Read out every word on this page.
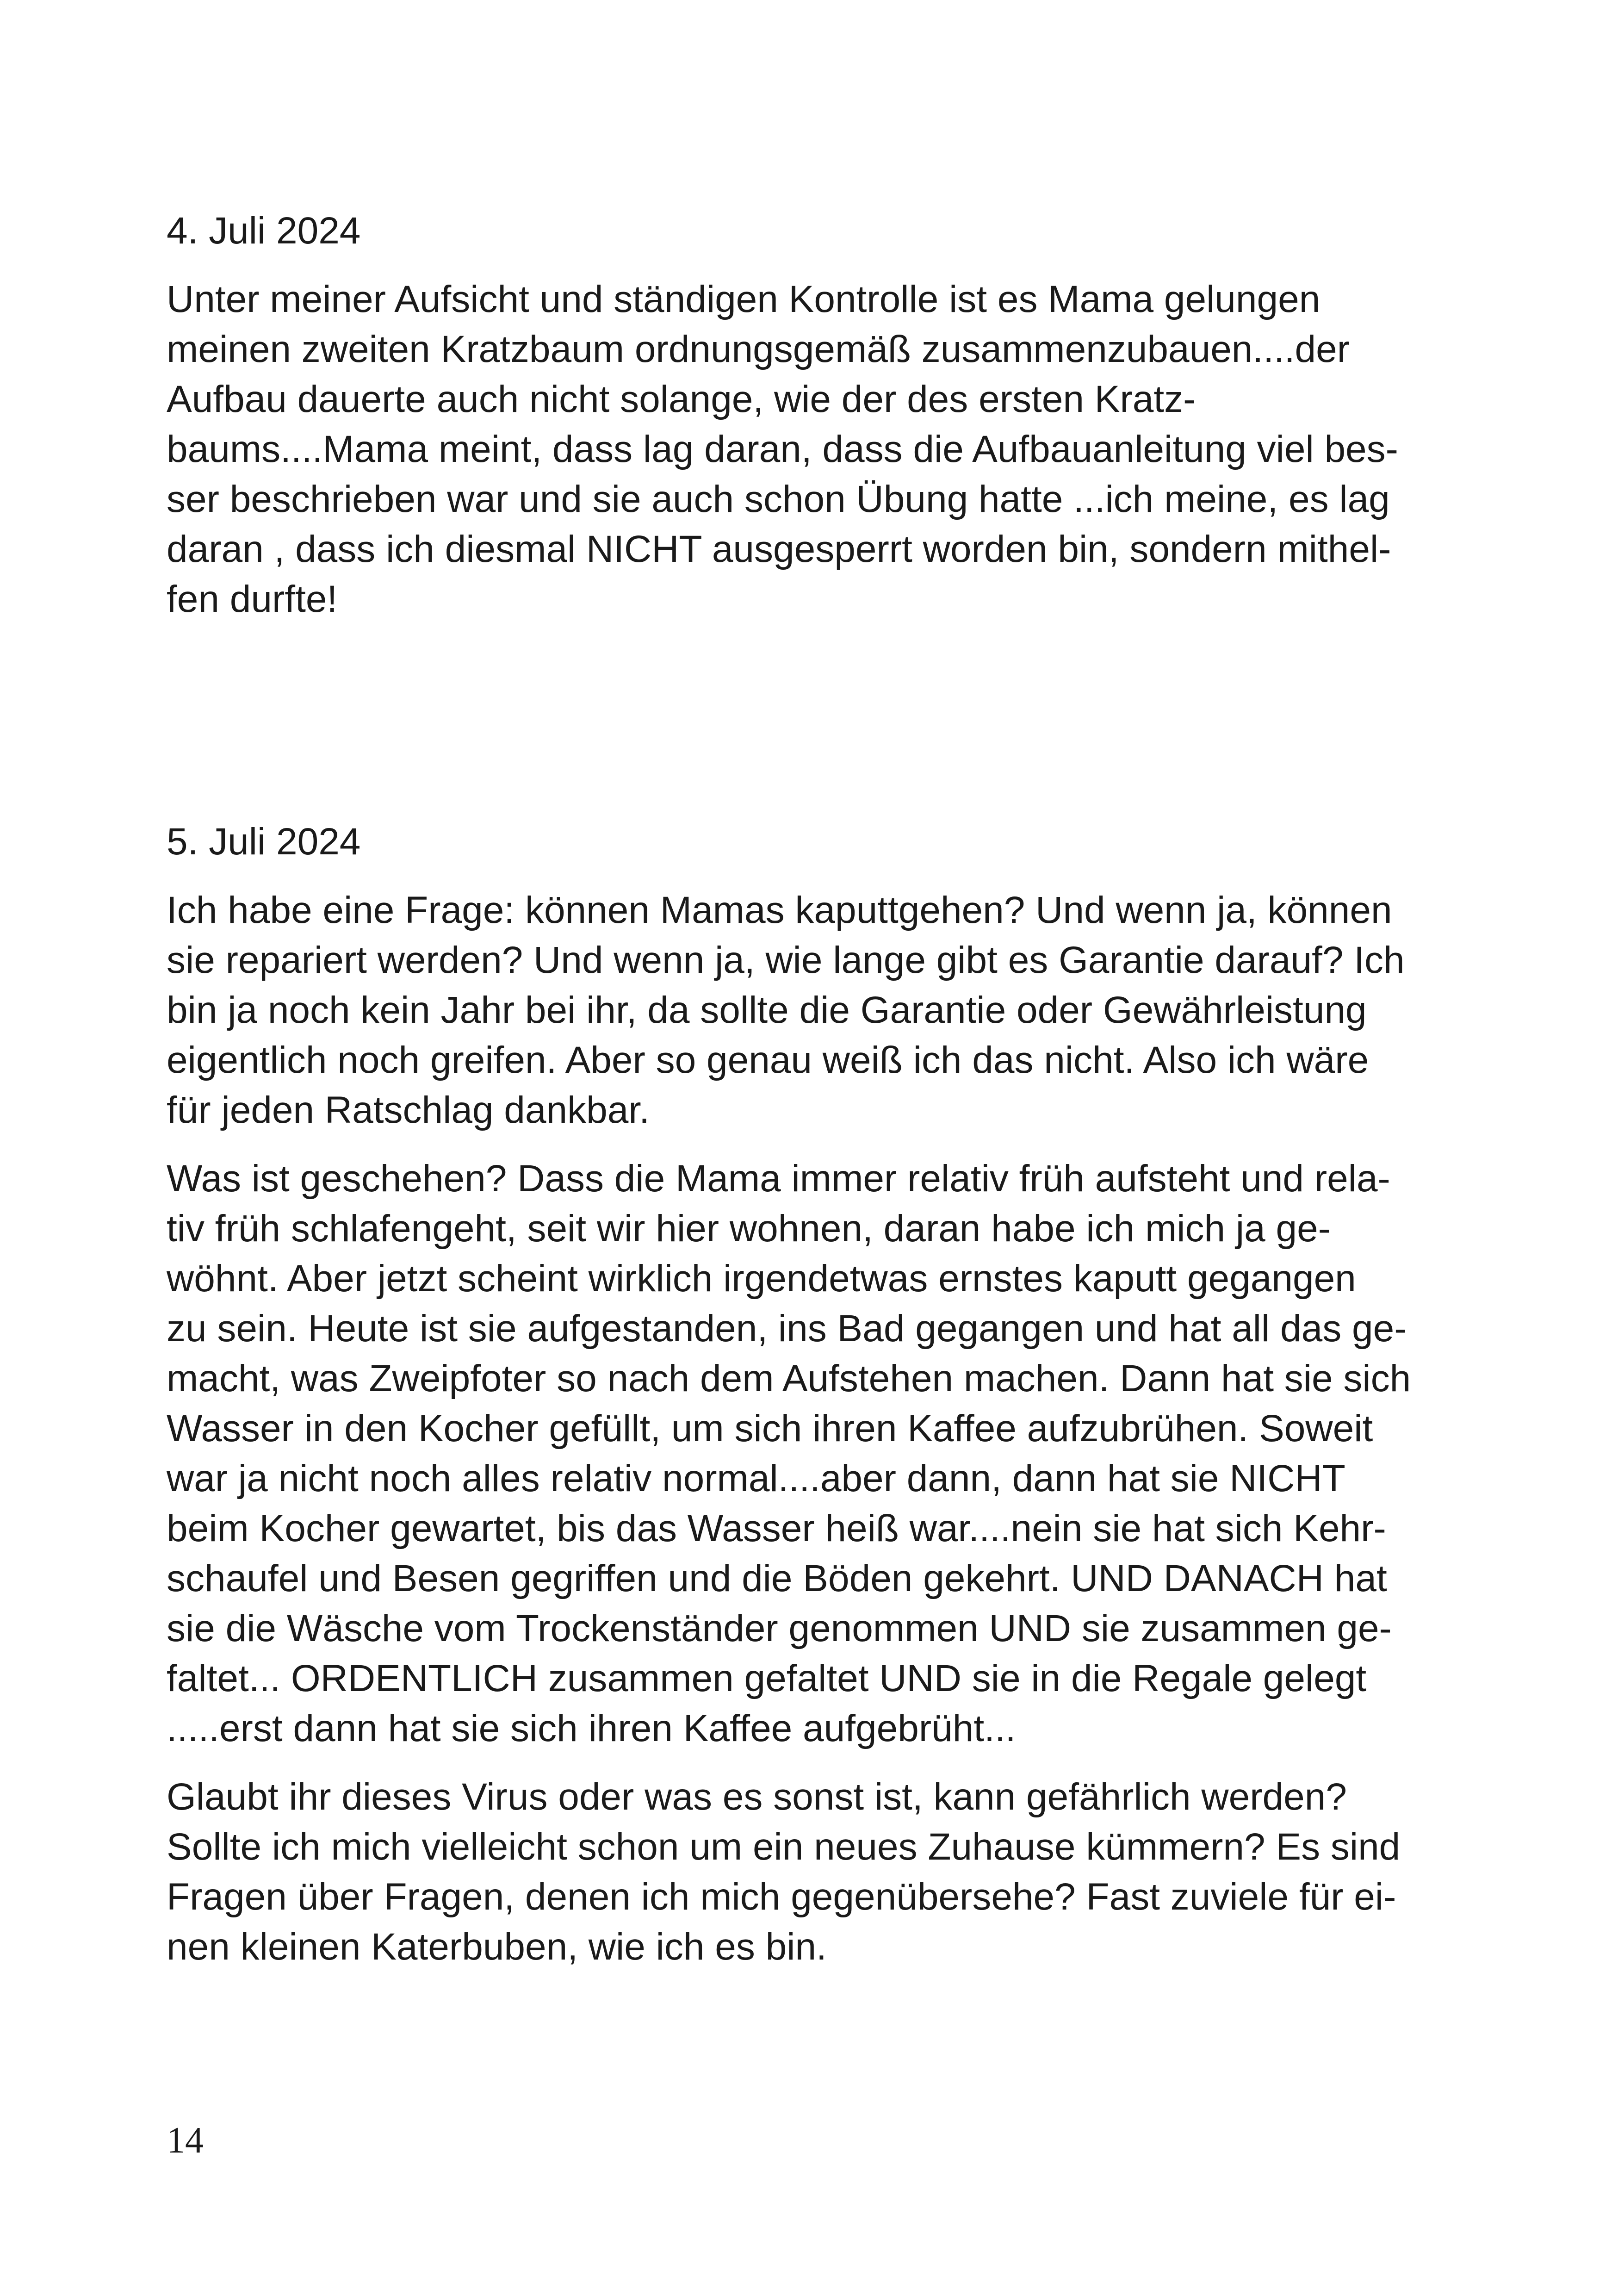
4. Juli 2024
Unter meiner Aufsicht und ständigen Kontrolle ist es Mama gelungen
meinen zweiten Kratzbaum ordnungsgemäß zusammenzubauen....der
Aufbau dauerte auch nicht solange, wie der des ersten Kratz-
baums....Mama meint, dass lag daran, dass die Aufbauanleitung viel bes-
ser beschrieben war und sie auch schon Übung hatte ...ich meine, es lag
daran , dass ich diesmal NICHT ausgesperrt worden bin, sondern mithel-
fen durfte!
5. Juli 2024
Ich habe eine Frage: können Mamas kaputtgehen? Und wenn ja, können
sie repariert werden? Und wenn ja, wie lange gibt es Garantie darauf? Ich
bin ja noch kein Jahr bei ihr, da sollte die Garantie oder Gewährleistung
eigentlich noch greifen. Aber so genau weiß ich das nicht. Also ich wäre
für jeden Ratschlag dankbar.
Was ist geschehen? Dass die Mama immer relativ früh aufsteht und rela-
tiv früh schlafengeht, seit wir hier wohnen, daran habe ich mich ja ge-
wöhnt. Aber jetzt scheint wirklich irgendetwas ernstes kaputt gegangen
zu sein. Heute ist sie aufgestanden, ins Bad gegangen und hat all das ge-
macht, was Zweipfoter so nach dem Aufstehen machen. Dann hat sie sich
Wasser in den Kocher gefüllt, um sich ihren Kaffee aufzubrühen. Soweit
war ja nicht noch alles relativ normal....aber dann, dann hat sie NICHT
beim Kocher gewartet, bis das Wasser heiß war....nein sie hat sich Kehr-
schaufel und Besen gegriffen und die Böden gekehrt. UND DANACH hat
sie die Wäsche vom Trockenständer genommen UND sie zusammen ge-
faltet... ORDENTLICH zusammen gefaltet UND sie in die Regale gelegt
.....erst dann hat sie sich ihren Kaffee aufgebrüht...
Glaubt ihr dieses Virus oder was es sonst ist, kann gefährlich werden?
Sollte ich mich vielleicht schon um ein neues Zuhause kümmern? Es sind
Fragen über Fragen, denen ich mich gegenübersehe? Fast zuviele für ei-
nen kleinen Katerbuben, wie ich es bin.
14
